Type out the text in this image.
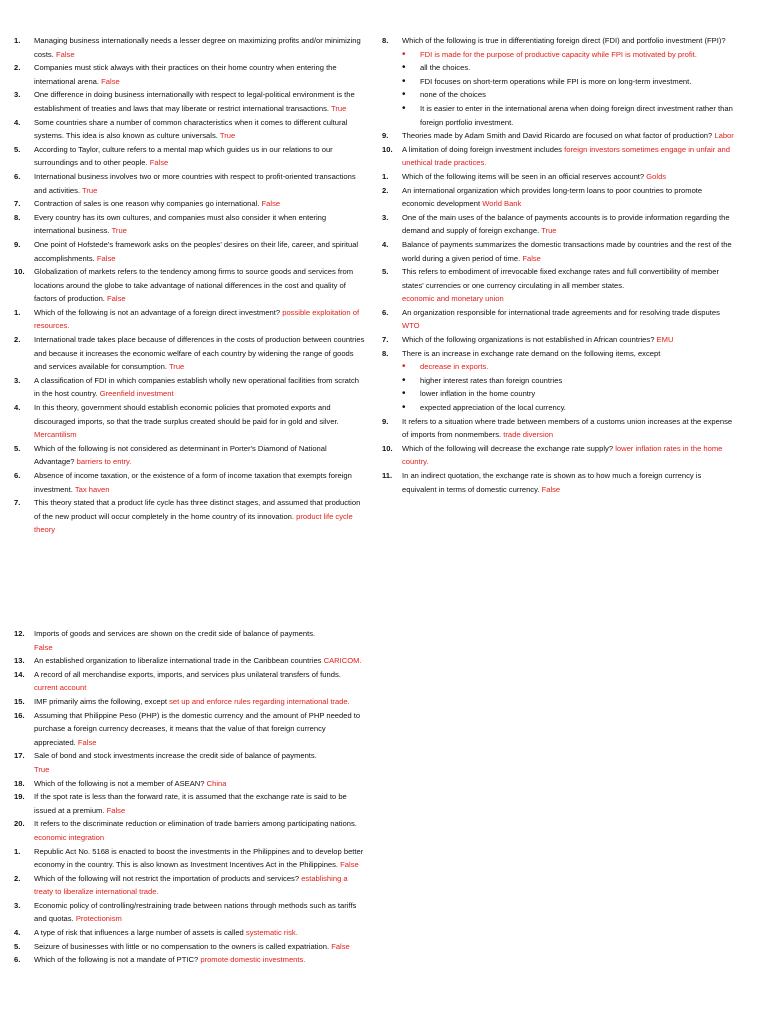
1.	Managing business internationally needs a lesser degree on maximizing profits and/or minimizing costs. False
2.	Companies must stick always with their practices on their home country when entering the international arena. False
3.	One difference in doing business internationally with respect to legal-political environment is the establishment of treaties and laws that may liberate or restrict international transactions. True
4.	Some countries share a number of common characteristics when it comes to different cultural systems. This idea is also known as culture universals. True
5.	According to Taylor, culture refers to a mental map which guides us in our relations to our surroundings and to other people. False
6.	International business involves two or more countries with respect to profit-oriented transactions and activities. True
7.	Contraction of sales is one reason why companies go international. False
8.	Every country has its own cultures, and companies must also consider it when entering international business. True
9.	One point of Hofstede's framework asks on the peoples' desires on their life, career, and spiritual accomplishments. False
10.	Globalization of markets refers to the tendency among firms to source goods and services from locations around the globe to take advantage of national differences in the cost and quality of factors of production. False
1.	Which of the following is not an advantage of a foreign direct investment? possible exploitation of resources.
2.	International trade takes place because of differences in the costs of production between countries and because it increases the economic welfare of each country by widening the range of goods and services available for consumption. True
3.	A classification of FDI in which companies establish wholly new operational facilities from scratch in the host country. Greenfield investment
4.	In this theory, government should establish economic policies that promoted exports and discouraged imports, so that the trade surplus created should be paid for in gold and silver. Mercantilism
5.	Which of the following is not considered as determinant in Porter's Diamond of National Advantage? barriers to entry.
6.	Absence of income taxation, or the existence of a form of income taxation that exempts foreign investment. Tax haven
7.	This theory stated that a product life cycle has three distinct stages, and assumed that production of the new product will occur completely in the home country of its innovation. product life cycle theory
8.	Which of the following is true in differentiating foreign direct (FDI) and portfolio investment (FPI)?
•	FDI is made for the purpose of productive capacity while FPI is motivated by profit.
•	all the choices.
•	FDI focuses on short-term operations while FPI is more on long-term investment.
•	none of the choices
•	It is easier to enter in the international arena when doing foreign direct investment rather than foreign portfolio investment.
9.	Theories made by Adam Smith and David Ricardo are focused on what factor of production? Labor
10.	A limitation of doing foreign investment includes foreign investors sometimes engage in unfair and unethical trade practices.
1.	Which of the following items will be seen in an official reserves account? Golds
2.	An international organization which provides long-term loans to poor countries to promote economic development World Bank
3.	One of the main uses of the balance of payments accounts is to provide information regarding the demand and supply of foreign exchange. True
4.	Balance of payments summarizes the domestic transactions made by countries and the rest of the world during a given period of time. False
5.	This refers to embodiment of irrevocable fixed exchange rates and full convertibility of member states' currencies or one currency circulating in all member states.
economic and monetary union
6.	An organization responsible for international trade agreements and for resolving trade disputes WTO
7.	Which of the following organizations is not established in African countries? EMU
8.	There is an increase in exchange rate demand on the following items, except
•	decrease in exports.
•	higher interest rates than foreign countries
•	lower inflation in the home country
•	expected appreciation of the local currency.
9.	It refers to a situation where trade between members of a customs union increases at the expense of imports from nonmembers. trade diversion
10.	Which of the following will decrease the exchange rate supply? lower inflation rates in the home country.
11.	In an indirect quotation, the exchange rate is shown as to how much a foreign currency is equivalent in terms of domestic currency. False
12.	Imports of goods and services are shown on the credit side of balance of payments.
False
13.	An established organization to liberalize international trade in the Caribbean countries CARICOM.
14.	A record of all merchandise exports, imports, and services plus unilateral transfers of funds. current account
15.	IMF primarily aims the following, except set up and enforce rules regarding international trade.
16.	Assuming that Philippine Peso (PHP) is the domestic currency and the amount of PHP needed to purchase a foreign currency decreases, it means that the value of that foreign currency appreciated. False
17.	Sale of bond and stock investments increase the credit side of balance of payments.
True
18.	Which of the following is not a member of ASEAN? China
19.	If the spot rate is less than the forward rate, it is assumed that the exchange rate is said to be issued at a premium. False
20.	It refers to the discriminate reduction or elimination of trade barriers among participating nations. economic integration
1.	Republic Act No. 5168 is enacted to boost the investments in the Philippines and to develop better economy in the country. This is also known as Investment Incentives Act in the Philippines. False
2.	Which of the following will not restrict the importation of products and services? establishing a treaty to liberalize international trade.
3.	Economic policy of controlling/restraining trade between nations through methods such as tariffs and quotas. Protectionism
4.	A type of risk that influences a large number of assets is called systematic risk.
5.	Seizure of businesses with little or no compensation to the owners is called expatriation. False
6.	Which of the following is not a mandate of PTIC? promote domestic investments.
